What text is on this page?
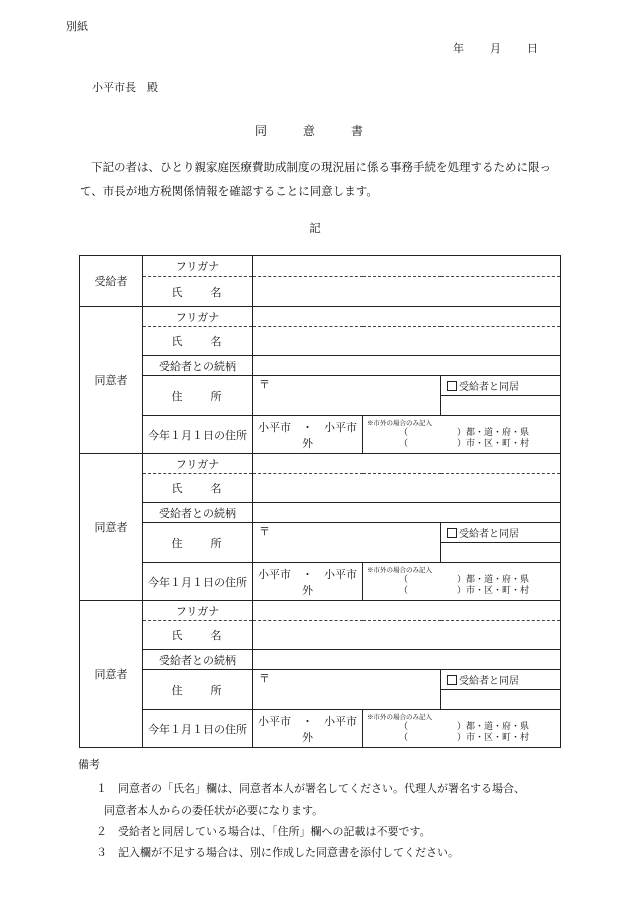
別紙
年 月 日
小平市長　殿
同　意　書
下記の者は、ひとり親家庭医療費助成制度の現況届に係る事務手続を処理するために限って、市長が地方税関係情報を確認することに同意します。
記
受給者	フリガナ			
	氏　　名			
同意者	フリガナ			
	氏　　名			
	受給者との続柄			
	住　　所	〒		受給者と同居

	今年１月１日の住所	小平市　・　小平市外	※市外の場合のみ記入
（ ）都・道・府・県
（ ）市・区・町・村	

同意者	フリガナ			
	氏　　名			
	受給者との続柄			
	住　　所	〒		受給者と同居

	今年１月１日の住所	小平市　・　小平市外	※市外の場合のみ記入
（ ）都・道・府・県
（ ）市・区・町・村	

同意者	フリガナ			
	氏　　名			
	受給者との続柄			
	住　　所	〒		受給者と同居

	今年１月１日の住所	小平市　・　小平市外	※市外の場合のみ記入
（ ）都・道・府・県
（ ）市・区・町・村	
備考
１　同意者の「氏名」欄は、同意者本人が署名してください。代理人が署名する場合、
同意者本人からの委任状が必要になります。
２　受給者と同居している場合は、「住所」欄への記載は不要です。
３　記入欄が不足する場合は、別に作成した同意書を添付してください。
